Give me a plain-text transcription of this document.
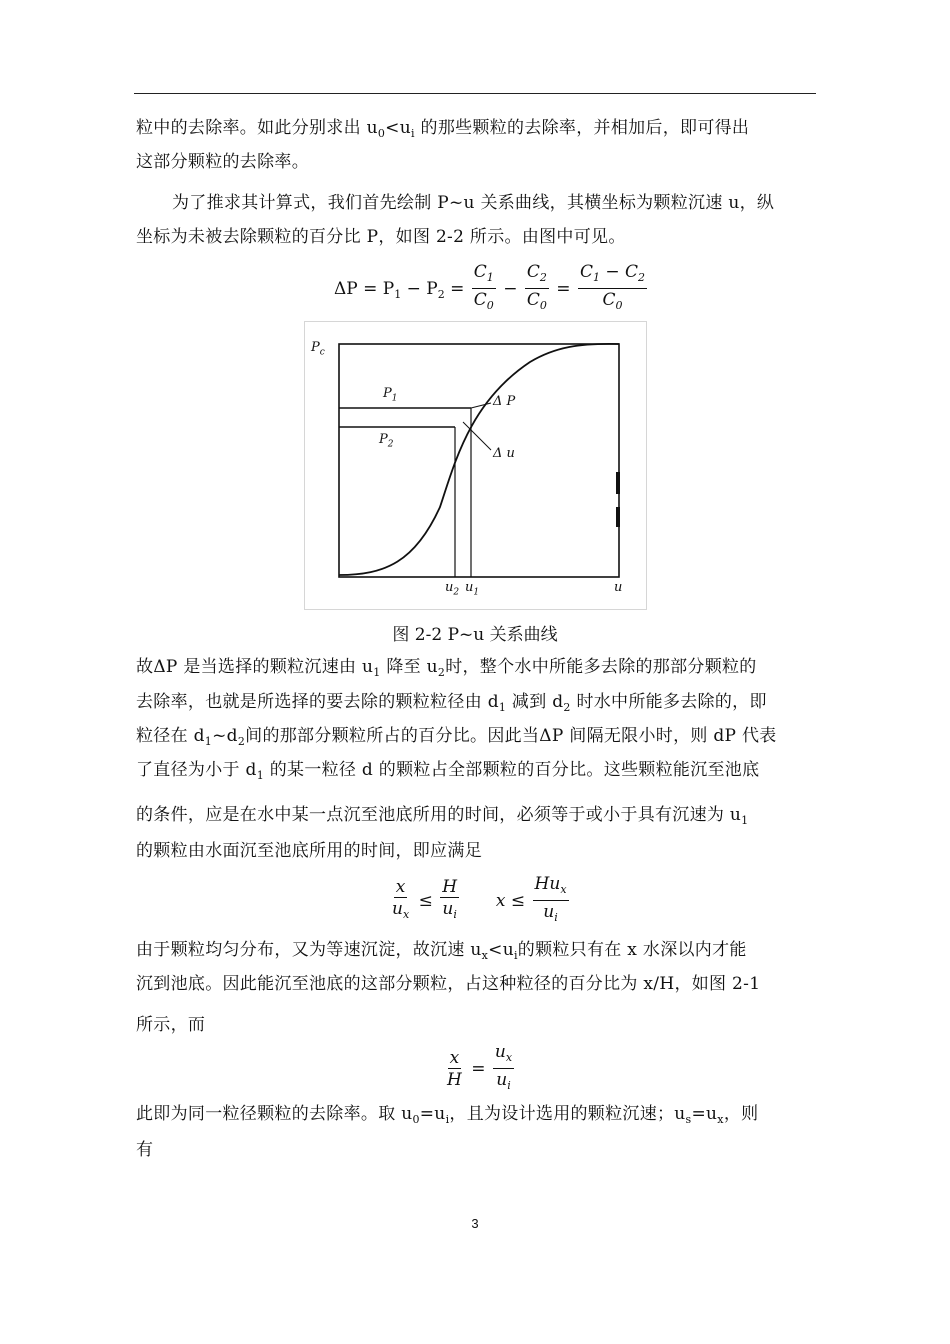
粒中的去除率。如此分别求出 $u_0<u_i$ 的那些颗粒的去除率，并相加后，即可得出
这部分颗粒的去除率。
为了推求其计算式，我们首先绘制 P~u 关系曲线，其横坐标为颗粒沉速 u，纵
坐标为未被去除颗粒的百分比 P，如图 2-2 所示。由图中可见。
$\Delta P = P_1 - P_2 = \frac{C_1}{C_0} - \frac{C_2}{C_0} = \frac{C_1 - C_2}{C_0}$
$P_c$
$P_1$
$P_2$
Δ P
Δ u
$u_2$ $u_1$	u
图 2-2 P~u 关系曲线
故ΔP 是当选择的颗粒沉速由 $u_1$ 降至 $u_2$时，整个水中所能多去除的那部分颗粒的
去除率，也就是所选择的要去除的颗粒粒径由 $d_1$ 减到 $d_2$ 时水中所能多去除的，即
粒径在 $d_1\sim d_2$间的那部分颗粒所占的百分比。因此当ΔP 间隔无限小时，则 dP 代表
了直径为小于 $d_1$ 的某一粒径 d 的颗粒占全部颗粒的百分比。这些颗粒能沉至池底
的条件，应是在水中某一点沉至池底所用的时间，必须等于或小于具有沉速为 $u_1$
的颗粒由水面沉至池底所用的时间，即应满足
$\frac{x}{u_x} \le \frac{H}{u_i}$ $x \le \frac{Hu_x}{u_i}$
由于颗粒均匀分布，又为等速沉淀，故沉速 $u_x<u_i$的颗粒只有在 x 水深以内才能
沉到池底。因此能沉至池底的这部分颗粒，占这种粒径的百分比为 x/H，如图 2-1
所示，而
$\frac{x}{H} = \frac{u_x}{u_i}$
此即为同一粒径颗粒的去除率。取 $u_0=u_i$，且为设计选用的颗粒沉速；$u_s=u_x$，则
有
3
